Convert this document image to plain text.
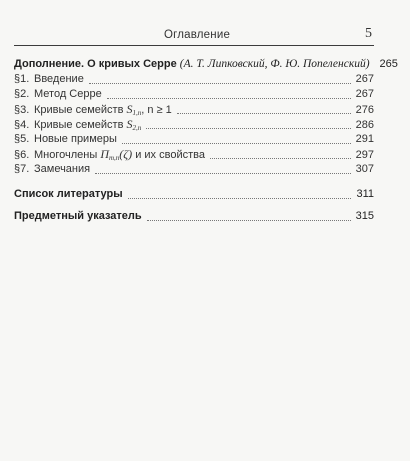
Оглавление	5
Дополнение. О кривых Серре (А. Т. Липковский, Ф. Ю. Попеленский) 265
§1. Введение	267
§2. Метод Серре	267
§3. Кривые семейств $S_{1,n}$, n ≥ 1	276
§4. Кривые семейств $S_{2,n}$	286
§5. Новые примеры	291
§6. Многочлены $\Pi_{m,n}(\zeta)$ и их свойства	297
§7. Замечания	307
Список литературы	311
Предметный указатель	315
